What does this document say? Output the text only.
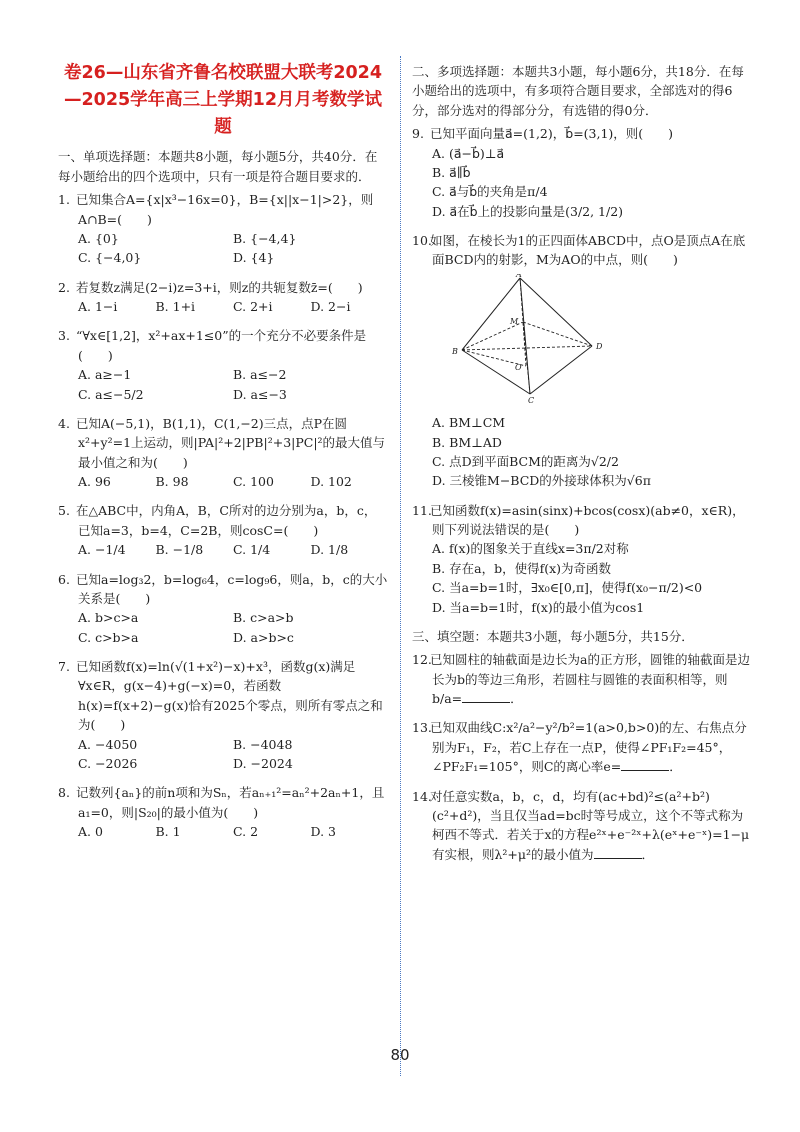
卷26—山东省齐鲁名校联盟大联考2024—2025学年高三上学期12月月考数学试题
一、单项选择题：本题共8小题，每小题5分，共40分．在每小题给出的四个选项中，只有一项是符合题目要求的．
1. 已知集合A={x|x³−16x=0}，B={x||x−1|>2}，则A∩B=(　　)
A. {0}	B. {−4,4}
C. {−4,0}	D. {4}
2. 若复数z满足(2−i)z=3+i，则z的共轭复数z̄=(　　)
A. 1−i	B. 1+i	C. 2+i	D. 2−i
3. “∀x∈[1,2]，x²+ax+1≤0”的一个充分不必要条件是(　　)
A. a≥−1	B. a≤−2
C. a≤−5/2	D. a≤−3
4. 已知A(−5,1)，B(1,1)，C(1,−2)三点，点P在圆x²+y²=1上运动，则|PA|²+2|PB|²+3|PC|²的最大值与最小值之和为(　　)
A. 96	B. 98	C. 100	D. 102
5. 在△ABC中，内角A，B，C所对的边分别为a，b，c，已知a=3，b=4，C=2B，则cosC=(　　)
A. −1/4	B. −1/8	C. 1/4	D. 1/8
6. 已知a=log₃2，b=log₆4，c=log₉6，则a，b，c的大小关系是(　　)
A. b>c>a	B. c>a>b
C. c>b>a	D. a>b>c
7. 已知函数f(x)=ln(√(1+x²)−x)+x³，函数g(x)满足∀x∈R，g(x−4)+g(−x)=0，若函数h(x)=f(x+2)−g(x)恰有2025个零点，则所有零点之和为(　　)
A. −4050	B. −4048
C. −2026	D. −2024
8. 记数列{aₙ}的前n项和为Sₙ，若aₙ₊₁²=aₙ²+2aₙ+1，且a₁=0，则|S₂₀|的最小值为(　　)
A. 0	B. 1	C. 2	D. 3
二、多项选择题：本题共3小题，每小题6分，共18分．在每小题给出的选项中，有多项符合题目要求，全部选对的得6分，部分选对的得部分分，有选错的得0分．
9. 已知平面向量a⃗=(1,2)，b⃗=(3,1)，则(　　)
A. (a⃗−b⃗)⊥a⃗
B. a⃗∥b⃗
C. a⃗与b⃗的夹角是π/4
D. a⃗在b⃗上的投影向量是(3/2, 1/2)
10.如图，在棱长为1的正四面体ABCD中，点O是顶点A在底面BCD内的射影，M为AO的中点，则(　　)
A
B
C
D
M
O
A. BM⊥CM
B. BM⊥AD
C. 点D到平面BCM的距离为√2/2
D. 三棱锥M−BCD的外接球体积为√6π
11.已知函数f(x)=asin(sinx)+bcos(cosx)(ab≠0，x∈R)，则下列说法错误的是(　　)
A. f(x)的图象关于直线x=3π/2对称
B. 存在a，b，使得f(x)为奇函数
C. 当a=b=1时，∃x₀∈[0,π]，使得f(x₀−π/2)<0
D. 当a=b=1时，f(x)的最小值为cos1
三、填空题：本题共3小题，每小题5分，共15分．
12.已知圆柱的轴截面是边长为a的正方形，圆锥的轴截面是边长为b的等边三角形，若圆柱与圆锥的表面积相等，则b/a=	．
13.已知双曲线C:x²/a²−y²/b²=1(a>0,b>0)的左、右焦点分别为F₁，F₂，若C上存在一点P，使得∠PF₁F₂=45°，∠PF₂F₁=105°，则C的离心率e=	．
14.对任意实数a，b，c，d，均有(ac+bd)²≤(a²+b²)(c²+d²)，当且仅当ad=bc时等号成立，这个不等式称为柯西不等式．若关于x的方程e²ˣ+e⁻²ˣ+λ(eˣ+e⁻ˣ)=1−μ有实根，则λ²+μ²的最小值为	．
80
